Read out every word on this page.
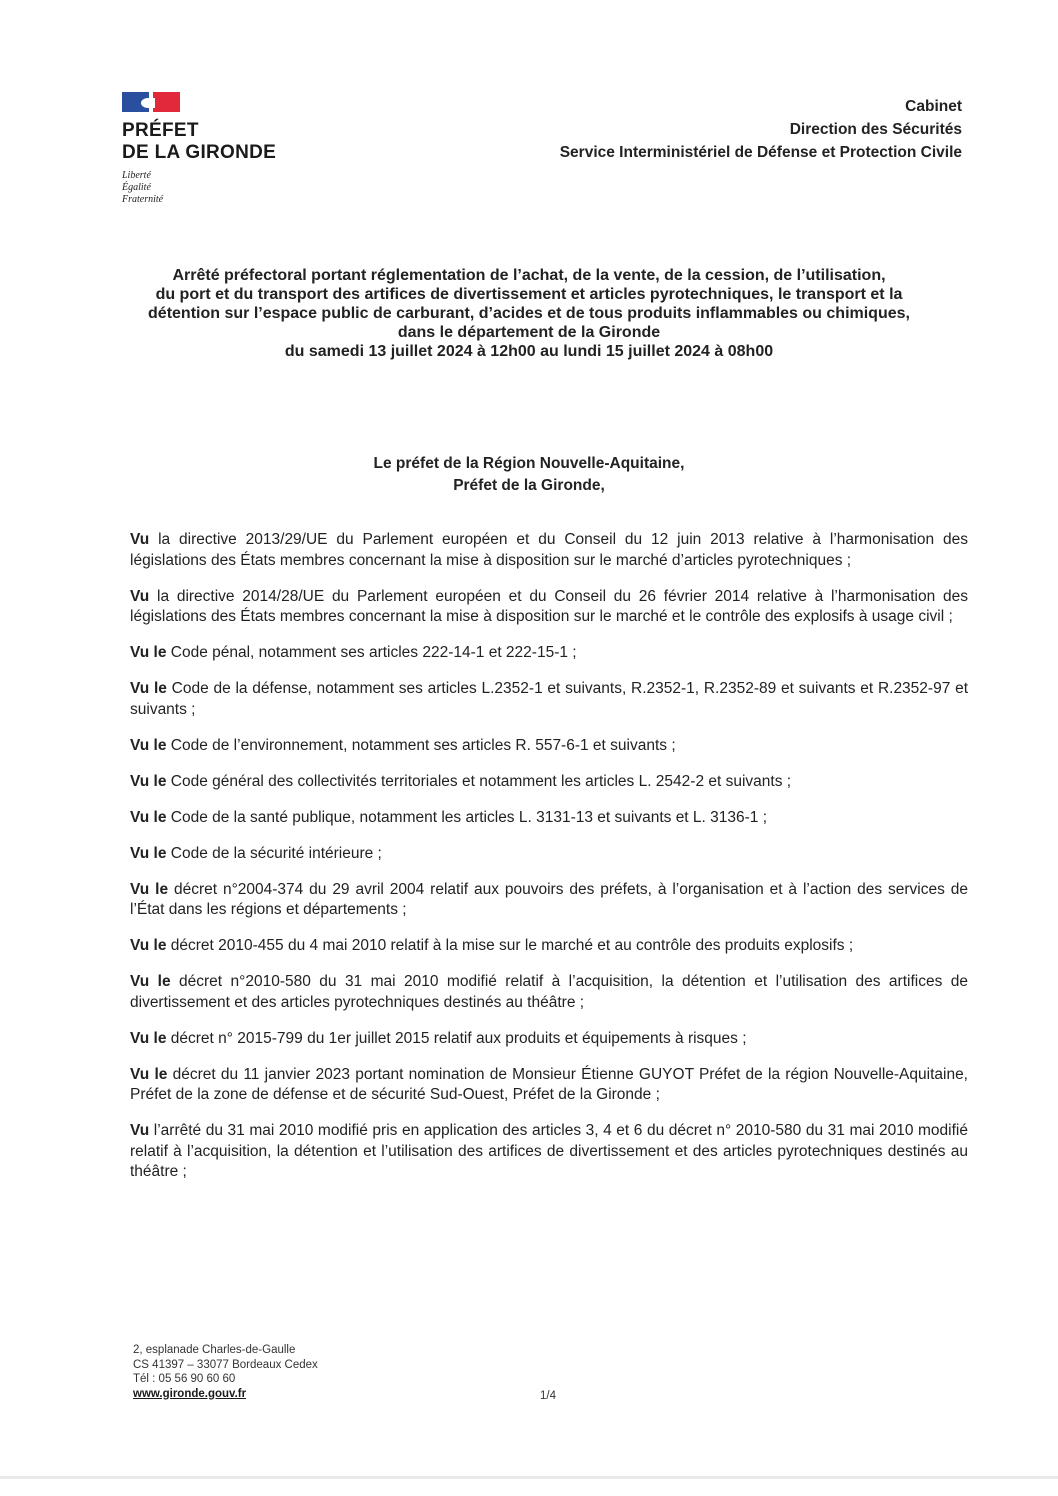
PRÉFET
DE LA GIRONDE
Liberté
Égalité
Fraternité
Cabinet
Direction des Sécurités
Service Interministériel de Défense et Protection Civile
Arrêté préfectoral portant réglementation de l’achat, de la vente, de la cession, de l’utilisation,
du port et du transport des artifices de divertissement et articles pyrotechniques, le transport et la
détention sur l’espace public de carburant, d’acides et de tous produits inflammables ou chimiques,
dans le département de la Gironde
du samedi 13 juillet 2024 à 12h00 au lundi 15 juillet 2024 à 08h00
Le préfet de la Région Nouvelle-Aquitaine,
Préfet de la Gironde,

Vu la directive 2013/29/UE du Parlement européen et du Conseil du 12 juin 2013 relative à l’harmonisation des législations des États membres concernant la mise à disposition sur le marché d’articles pyrotechniques ;

Vu la directive 2014/28/UE du Parlement européen et du Conseil du 26 février 2014 relative à l’harmonisation des législations des États membres concernant la mise à disposition sur le marché et le contrôle des explosifs à usage civil ;

Vu le Code pénal, notamment ses articles 222-14-1 et 222-15-1 ;

Vu le Code de la défense, notamment ses articles L.2352-1 et suivants, R.2352-1, R.2352-89 et suivants et R.2352-97 et suivants ;

Vu le Code de l’environnement, notamment ses articles R. 557-6-1 et suivants ;

Vu le Code général des collectivités territoriales et notamment les articles L. 2542-2 et suivants ;

Vu le Code de la santé publique, notamment les articles L. 3131-13 et suivants et L. 3136-1 ;

Vu le Code de la sécurité intérieure ;

Vu le décret n°2004-374 du 29 avril 2004 relatif aux pouvoirs des préfets, à l’organisation et à l’action des services de l’État dans les régions et départements ;

Vu le décret 2010-455 du 4 mai 2010 relatif à la mise sur le marché et au contrôle des produits explosifs ;

Vu le décret n°2010-580 du 31 mai 2010 modifié relatif à l’acquisition, la détention et l’utilisation des artifices de divertissement et des articles pyrotechniques destinés au théâtre ;

Vu le décret n° 2015-799 du 1er juillet 2015 relatif aux produits et équipements à risques ;

Vu le décret du 11 janvier 2023 portant nomination de Monsieur Étienne GUYOT Préfet de la région Nouvelle-Aquitaine, Préfet de la zone de défense et de sécurité Sud-Ouest, Préfet de la Gironde ;

Vu l’arrêté du 31 mai 2010 modifié pris en application des articles 3, 4 et 6 du décret n° 2010-580 du 31 mai 2010 modifié relatif à l’acquisition, la détention et l’utilisation des artifices de divertissement et des articles pyrotechniques destinés au théâtre ;

2, esplanade Charles-de-Gaulle
CS 41397 – 33077 Bordeaux Cedex
Tél : 05 56 90 60 60
www.gironde.gouv.fr	1/4
